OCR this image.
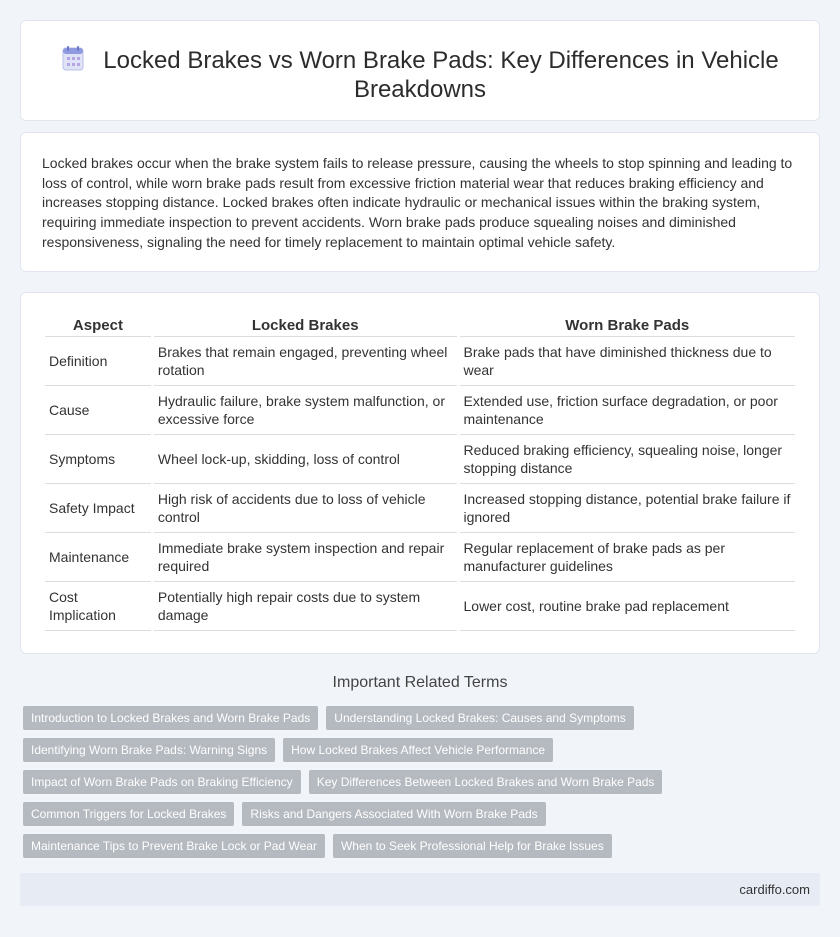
Locked Brakes vs Worn Brake Pads: Key Differences in Vehicle Breakdowns

Locked brakes occur when the brake system fails to release pressure, causing the wheels to stop spinning and leading to loss of control, while worn brake pads result from excessive friction material wear that reduces braking efficiency and increases stopping distance. Locked brakes often indicate hydraulic or mechanical issues within the braking system, requiring immediate inspection to prevent accidents. Worn brake pads produce squealing noises and diminished responsiveness, signaling the need for timely replacement to maintain optimal vehicle safety.

Aspect	Locked Brakes	Worn Brake Pads
Definition	Brakes that remain engaged, preventing wheel rotation	Brake pads that have diminished thickness due to wear
Cause	Hydraulic failure, brake system malfunction, or excessive force	Extended use, friction surface degradation, or poor maintenance
Symptoms	Wheel lock-up, skidding, loss of control	Reduced braking efficiency, squealing noise, longer stopping distance
Safety Impact	High risk of accidents due to loss of vehicle control	Increased stopping distance, potential brake failure if ignored
Maintenance	Immediate brake system inspection and repair required	Regular replacement of brake pads as per manufacturer guidelines
Cost Implication	Potentially high repair costs due to system damage	Lower cost, routine brake pad replacement
Important Related Terms
Introduction to Locked Brakes and Worn Brake Pads	Understanding Locked Brakes: Causes and Symptoms
Identifying Worn Brake Pads: Warning Signs	How Locked Brakes Affect Vehicle Performance
Impact of Worn Brake Pads on Braking Efficiency	Key Differences Between Locked Brakes and Worn Brake Pads
Common Triggers for Locked Brakes	Risks and Dangers Associated With Worn Brake Pads
Maintenance Tips to Prevent Brake Lock or Pad Wear	When to Seek Professional Help for Brake Issues
cardiffo.com
